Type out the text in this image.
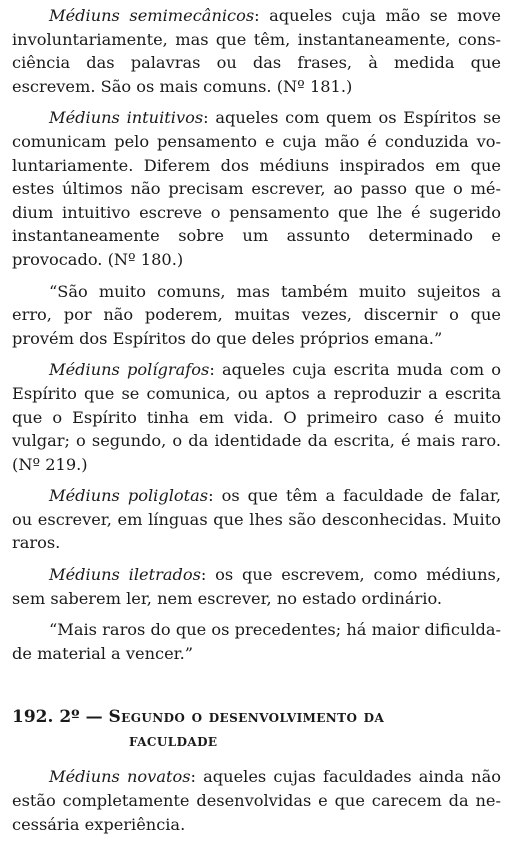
Médiuns semimecânicos: aqueles cuja mão se move involuntariamente, mas que têm, instantaneamente, consciência das palavras ou das frases, à medida que escrevem. São os mais comuns. (Nº 181.)

Médiuns intuitivos: aqueles com quem os Espíritos se comunicam pelo pensamento e cuja mão é conduzida voluntariamente. Diferem dos médiuns inspirados em que estes últimos não precisam escrever, ao passo que o médium intuitivo escreve o pensamento que lhe é sugerido instantaneamente sobre um assunto determinado e provocado. (Nº 180.)

“São muito comuns, mas também muito sujeitos a erro, por não poderem, muitas vezes, discernir o que provém dos Espíritos do que deles próprios emana.”

Médiuns polígrafos: aqueles cuja escrita muda com o Espírito que se comunica, ou aptos a reproduzir a escrita que o Espírito tinha em vida. O primeiro caso é muito vulgar; o segundo, o da identidade da escrita, é mais raro. (Nº 219.)

Médiuns poliglotas: os que têm a faculdade de falar, ou escrever, em línguas que lhes são desconhecidas. Muito raros.

Médiuns iletrados: os que escrevem, como médiuns, sem saberem ler, nem escrever, no estado ordinário.

“Mais raros do que os precedentes; há maior dificuldade material a vencer.”

192. 2º — Segundo o desenvolvimento da
faculdade

Médiuns novatos: aqueles cujas faculdades ainda não estão completamente desenvolvidas e que carecem da necessária experiência.
